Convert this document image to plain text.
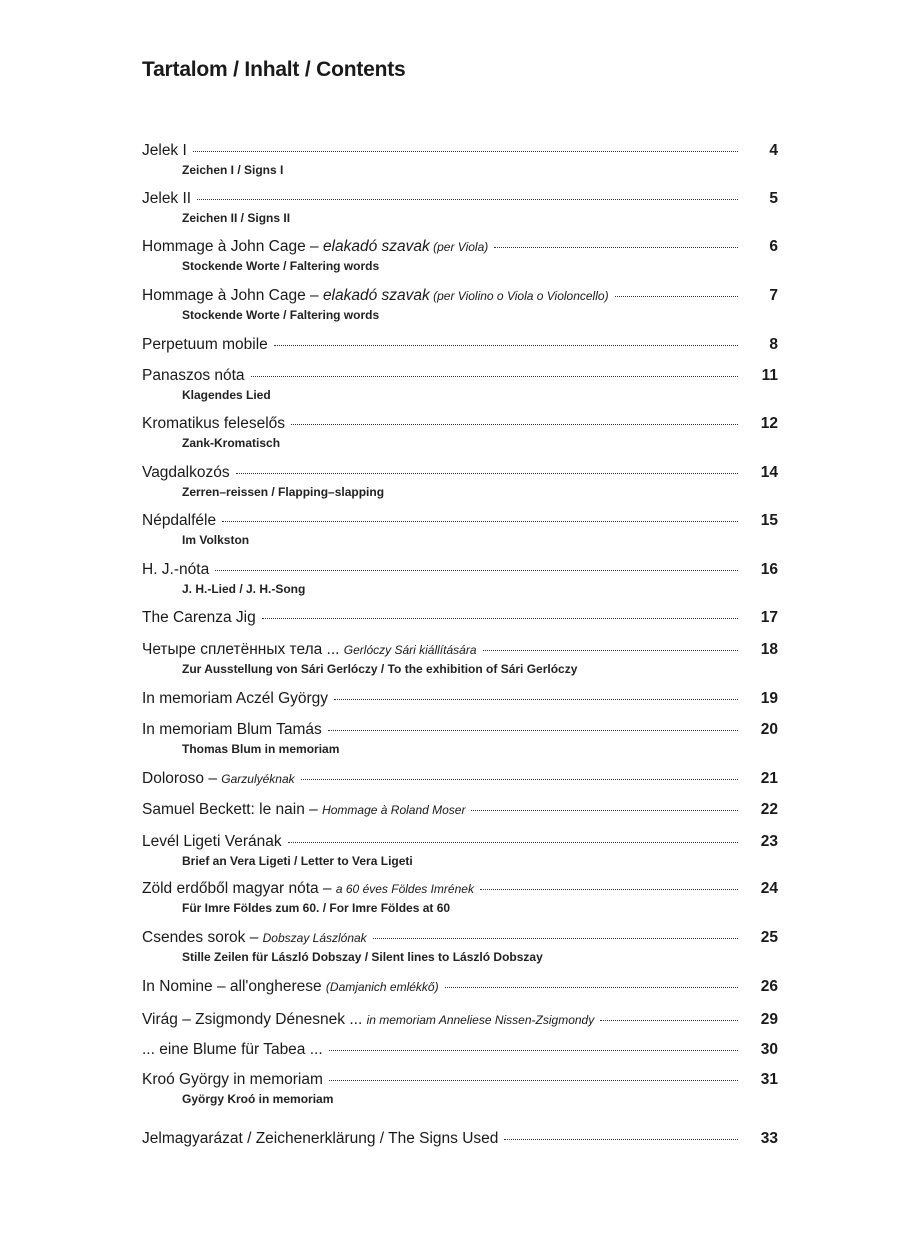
Tartalom / Inhalt / Contents
Jelek I	4
Zeichen I / Signs I
Jelek II	5
Zeichen II / Signs II
Hommage à John Cage – elakadó szavak (per Viola)	6
Stockende Worte / Faltering words
Hommage à John Cage – elakadó szavak (per Violino o Viola o Violoncello)	7
Stockende Worte / Faltering words
Perpetuum mobile	8
Panaszos nóta	11
Klagendes Lied
Kromatikus feleselős	12
Zank-Kromatisch
Vagdalkozós	14
Zerren–reissen / Flapping–slapping
Népdalféle	15
Im Volkston
H. J.-nóta	16
J. H.-Lied / J. H.-Song
The Carenza Jig	17
Четыре сплетённых тела ... Gerlóczy Sári kiállítására	18
Zur Ausstellung von Sári Gerlóczy / To the exhibition of Sári Gerlóczy
In memoriam Aczél György	19
In memoriam Blum Tamás	20
Thomas Blum in memoriam
Doloroso – Garzulyéknak	21
Samuel Beckett: le nain – Hommage à Roland Moser	22
Levél Ligeti Verának	23
Brief an Vera Ligeti / Letter to Vera Ligeti
Zöld erdőből magyar nóta – a 60 éves Földes Imrének	24
Für Imre Földes zum 60. / For Imre Földes at 60
Csendes sorok – Dobszay Lászlónak	25
Stille Zeilen für László Dobszay / Silent lines to László Dobszay
In Nomine – all'ongherese (Damjanich emlékkő)	26
Virág – Zsigmondy Dénesnek ... in memoriam Anneliese Nissen-Zsigmondy	29
... eine Blume für Tabea ...	30
Kroó György in memoriam	31
György Kroó in memoriam
Jelmagyarázat / Zeichenerklärung / The Signs Used	33
